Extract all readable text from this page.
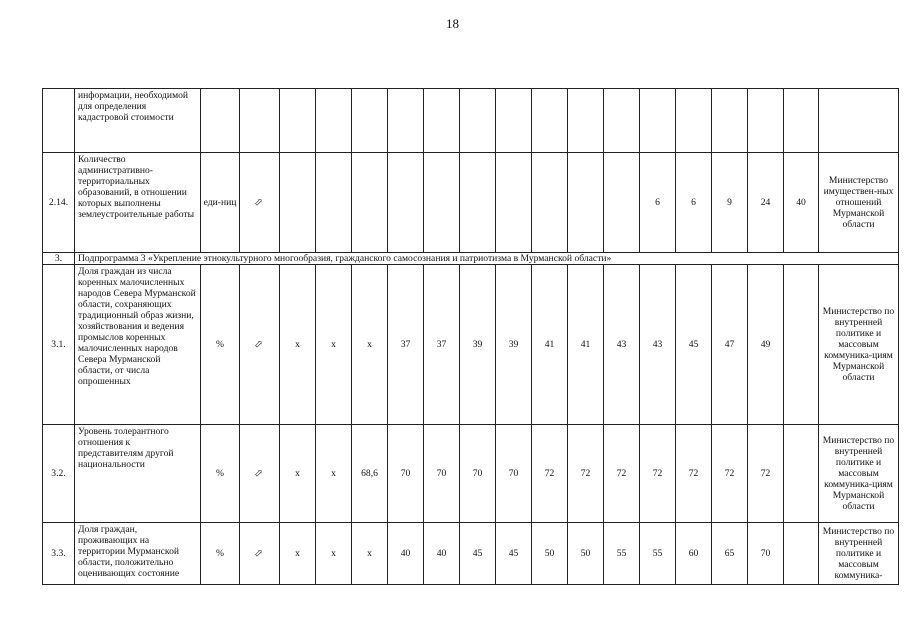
18
	информации, необходимой для определения кадастровой стоимости																		
2.14.	Количество административно-территориальных образований, в отношении которых выполнены землеустроительные работы	еди-ниц	⇨											6	6	9	24	40	Министерство имуществен-ных отношений Мурманской области
3.	Подпрограмма 3 «Укрепление этнокультурного многообразия, гражданского самосознания и патриотизма в Мурманской области»																		
3.1.	Доля граждан из числа коренных малочисленных народов Севера Мурманской области, сохраняющих традиционный образ жизни, хозяйствования и ведения промыслов коренных малочисленных народов Севера Мурманской области, от числа опрошенных	%	⇨	х	х	х	37	37	39	39	41	41	43	43	45	47	49		Министерство по внутренней политике и массовым коммуника-циям Мурманской области
3.2.	Уровень толерантного отношения к представителям другой национальности	%	⇨	х	х	68,6	70	70	70	70	72	72	72	72	72	72	72		Министерство по внутренней политике и массовым коммуника-циям Мурманской области
3.3.	Доля граждан, проживающих на территории Мурманской области, положительно оценивающих состояние	%	⇨	х	х	х	40	40	45	45	50	50	55	55	60	65	70		Министерство по внутренней политике и массовым коммуника-
